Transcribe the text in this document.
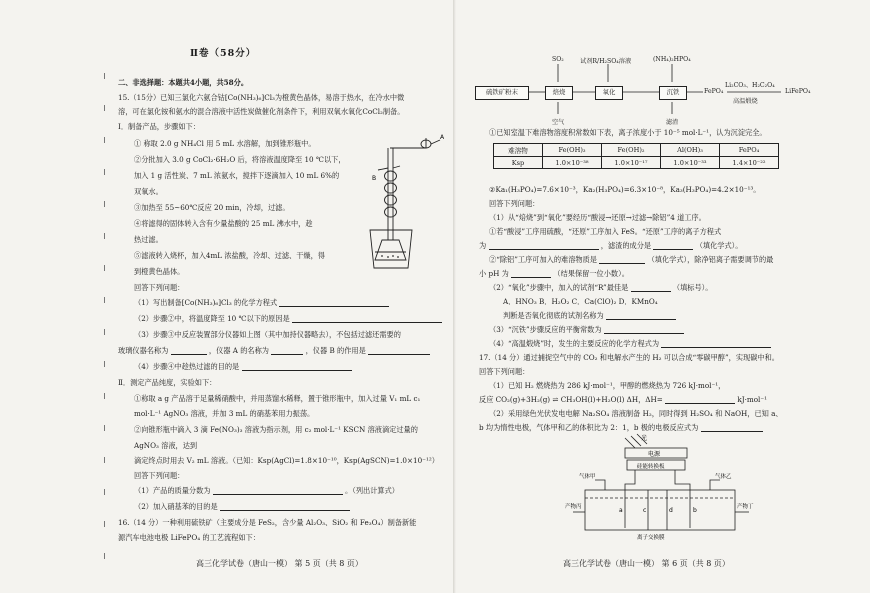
Ⅱ卷（58分）
二、非选择题：本题共4小题，共58分。
15.（15分）已知三氯化六氨合钴[Co(NH₃)₆]Cl₃为橙黄色晶体，易溶于热水，在冷水中微
溶，可在氯化铵和氨水的混合溶液中活性炭做催化剂条件下，利用双氧水氧化CoCl₂制备。
Ⅰ．制备产品，步骤如下：
① 称取 2.0 g NH₄Cl 用 5 mL 水溶解，加到锥形瓶中。
②分批加入 3.0 g CoCl₂·6H₂O 后，将溶液温度降至 10 ℃以下，
加入 1 g 活性炭、7 mL 浓氨水，搅拌下逐滴加入 10 mL 6%的
双氧水。
③加热至 55~60℃反应 20 min，冷却，过滤。
④将滤得的固体转入含有少量盐酸的 25 mL 沸水中，趁
热过滤。
⑤滤液转入烧杯，加入4mL 浓盐酸，冷却、过滤、干燥，得
到橙黄色晶体。
回答下列问题：
（1）写出制备[Co(NH₃)₆]Cl₃ 的化学方程式
（2）步骤②中，将温度降至 10 ℃以下的原因是
（3）步骤③中反应装置部分仪器如上图（其中加持仪器略去），不包括过滤还需要的
玻璃仪器名称为	，仪器 A 的名称为	，仪器 B 的作用是
（4）步骤④中趁热过滤的目的是
Ⅱ．测定产品纯度，实验如下：
①称取 a g 产品溶于足量稀硝酸中，并用蒸馏水稀释，置于锥形瓶中，加入过量 V₁ mL c₁
mol·L⁻¹ AgNO₃ 溶液，并加 3 mL 的硝基苯用力振荡。
②向锥形瓶中滴入 3 滴 Fe(NO₃)₃ 溶液为指示剂，用 c₂ mol·L⁻¹ KSCN 溶液滴定过量的
AgNO₃ 溶液，达到
滴定终点时用去 V₂ mL 溶液。（已知：Ksp(AgCl)=1.8×10⁻¹⁰，Ksp(AgSCN)=1.0×10⁻¹²）
回答下列问题：
（1）产品的质量分数为	。（列出计算式）
（2）加入硝基苯的目的是
16.（14 分）一种利用硫铁矿（主要成分是 FeS₂，含少量 Al₂O₃、SiO₂ 和 Fe₃O₄）制备新能
源汽车电池电极 LiFePO₄ 的工艺流程如下：
A
B
高三化学试卷（唐山一模） 第 5 页（共 8 页）
硫铁矿粉末	焙烧	氧化	沉铁
SO₂	试剂R/H₂SO₄溶液	(NH₄)₂HPO₄
空气	滤渣
FePO₄
Li₂CO₃、H₂C₂O₄
高温煅烧
LiFePO₄
①已知室温下难溶物溶度积常数如下表，离子浓度小于 10⁻⁵ mol·L⁻¹，认为沉淀完全。
难溶物	Fe(OH)₃	Fe(OH)₂	Al(OH)₃	FePO₄
Ksp	1.0×10⁻³⁸	1.0×10⁻¹⁷	1.0×10⁻³³	1.4×10⁻²²
②Ka₁(H₃PO₄)=7.6×10⁻³，Ka₂(H₃PO₄)=6.3×10⁻⁸，Ka₃(H₃PO₄)=4.2×10⁻¹³。
回答下列问题：
（1）从“焙烧”到“氧化”要经历“酸浸→还原→过滤→除铝”4 道工序。
①若“酸浸”工序用硫酸，“还原”工序加入 FeS。“还原”工序的离子方程式
为	，滤渣的成分是	（填化学式）。
②“除铝”工序可加入的难溶物质是	（填化学式），除净铝离子需要调节的最
小 pH 为	（结果保留一位小数）。
（2）“氧化”步骤中，加入的试剂“R”最佳是	（填标号）。
A．HNO₃ B．H₂O₂ C．Ca(ClO)₂ D．KMnO₄
判断是否氧化彻底的试剂名称为
（3）“沉铁”步骤反应的平衡常数为
（4）“高温煅烧”时，发生的主要反应的化学方程式为
17.（14 分）通过捕捉空气中的 CO₂ 和电解水产生的 H₂ 可以合成“零碳甲醇”，实现碳中和。
回答下列问题：
（1）已知 H₂ 燃烧热为 286 kJ·mol⁻¹，甲醇的燃烧热为 726 kJ·mol⁻¹，
反应 CO₂(g)+3H₂(g) ⇌ CH₃OH(l)+H₂O(l) ΔH，ΔH=	kJ·mol⁻¹
（2）采用绿色光伏发电电解 Na₂SO₄ 溶液制备 H₂，同时得到 H₂SO₄ 和 NaOH，已知 a、
b 均为惰性电极，气体甲和乙的体积比为 2：1，b 极的电极反应式为
光
电源
硅能转换板
气体甲	气体乙
产物丙	产物丁
a	b
c	d
离子交换膜
高三化学试卷（唐山一模） 第 6 页（共 8 页）
